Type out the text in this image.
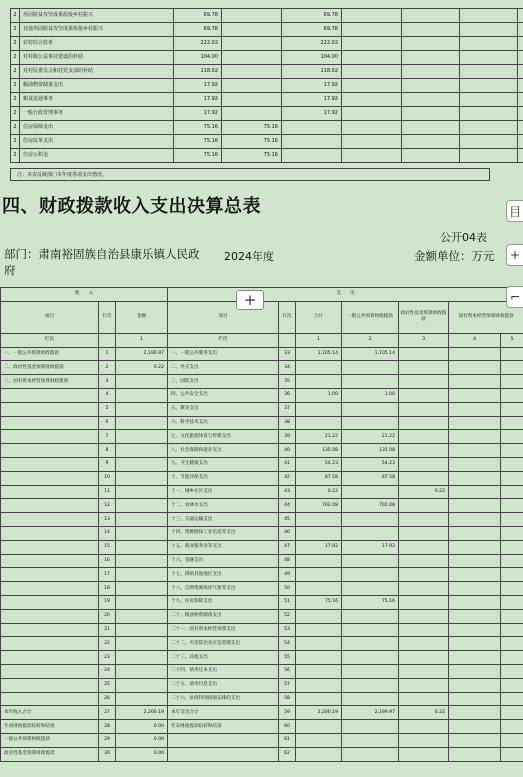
2	巩固脱贫攻坚成果衔接乡村振兴	69.78		69.78				
2	其他巩固脱贫攻坚成果衔接乡村振兴	69.78		69.78				
2	农村综合改革	222.02		222.02				
2	对村级公益事业建设的补助	104.00		104.00				
2	对村民委员会和村党支部的补助	118.02		118.02				
2	粮油物资储备支出	17.92		17.92				
2	粮食流通事务	17.92		17.92				
2	一般行政管理事务	17.92		17.92				
2	住房保障支出	75.16	75.16					
2	住房改革支出	75.16	75.16					
2	住房公积金	75.16	75.16					
注：本表反映部门本年度各项支出情况。
四、财政拨款收入支出决算总表
公开04表
部门：肃南裕固族自治县康乐镇人民政府
2024年度	金额单位：万元
收　　入			支　　出						
项目	行次	金额	项目	行次	合计	一般公共预算财政拨款	政府性基金预算财政拨款	国有资本经营预算财政拨款	
栏次		1	栏次		1	2	3	4	5
一、一般公共预算财政拨款	1	2,190.97	一、一般公共服务支出	33	1,105.14	1,105.14			
二、政府性基金预算财政拨款	2	0.22	二、外交支出	34					
三、国有资本经营预算财政拨款	3		三、国防支出	35					
	4		四、公共安全支出	36	1.00	1.00			
	5		五、教育支出	37					
	6		六、科学技术支出	38					
	7		七、文化旅游体育与传媒支出	39	21.22	21.22			
	8		八、社会保障和就业支出	40	135.08	135.08			
	9		九、卫生健康支出	41	54.23	54.23			
	10		十、节能环保支出	42	87.58	87.58			
	11		十一、城乡社区支出	43	0.22		0.22		
	12		十二、农林水支出	44	702.08	702.08			
	13		十三、交通运输支出	45					
	14		十四、资源勘探工业信息等支出	46					
	15		十五、商业服务业等支出	47	17.92	17.92			
	16		十六、金融支出	48					
	17		十七、援助其他地区支出	49					
	18		十八、自然资源海洋气象等支出	50					
	19		十九、住房保障支出	51	75.16	75.16			
	20		二十、粮油物资储备支出	52					
	21		二十一、国有资本经营预算支出	53					
	22		二十二、灾害防治及应急管理支出	54					
	23		二十三、其他支出	55					
	24		二十四、债务还本支出	56					
	25		二十五、债务付息支出	57					
	26		二十六、抗疫特别国债安排的支出	58					
本年收入合计	27	2,200.19	本年支出合计	59	2,200.19	2,199.97	0.22		
年初财政拨款结转和结余	28	0.00	年末财政拨款结转和结余	60					
一般公共预算财政拨款	29	0.00		61					
政府性基金预算财政拨款	30	0.00		62					
+
目
+
⌐
